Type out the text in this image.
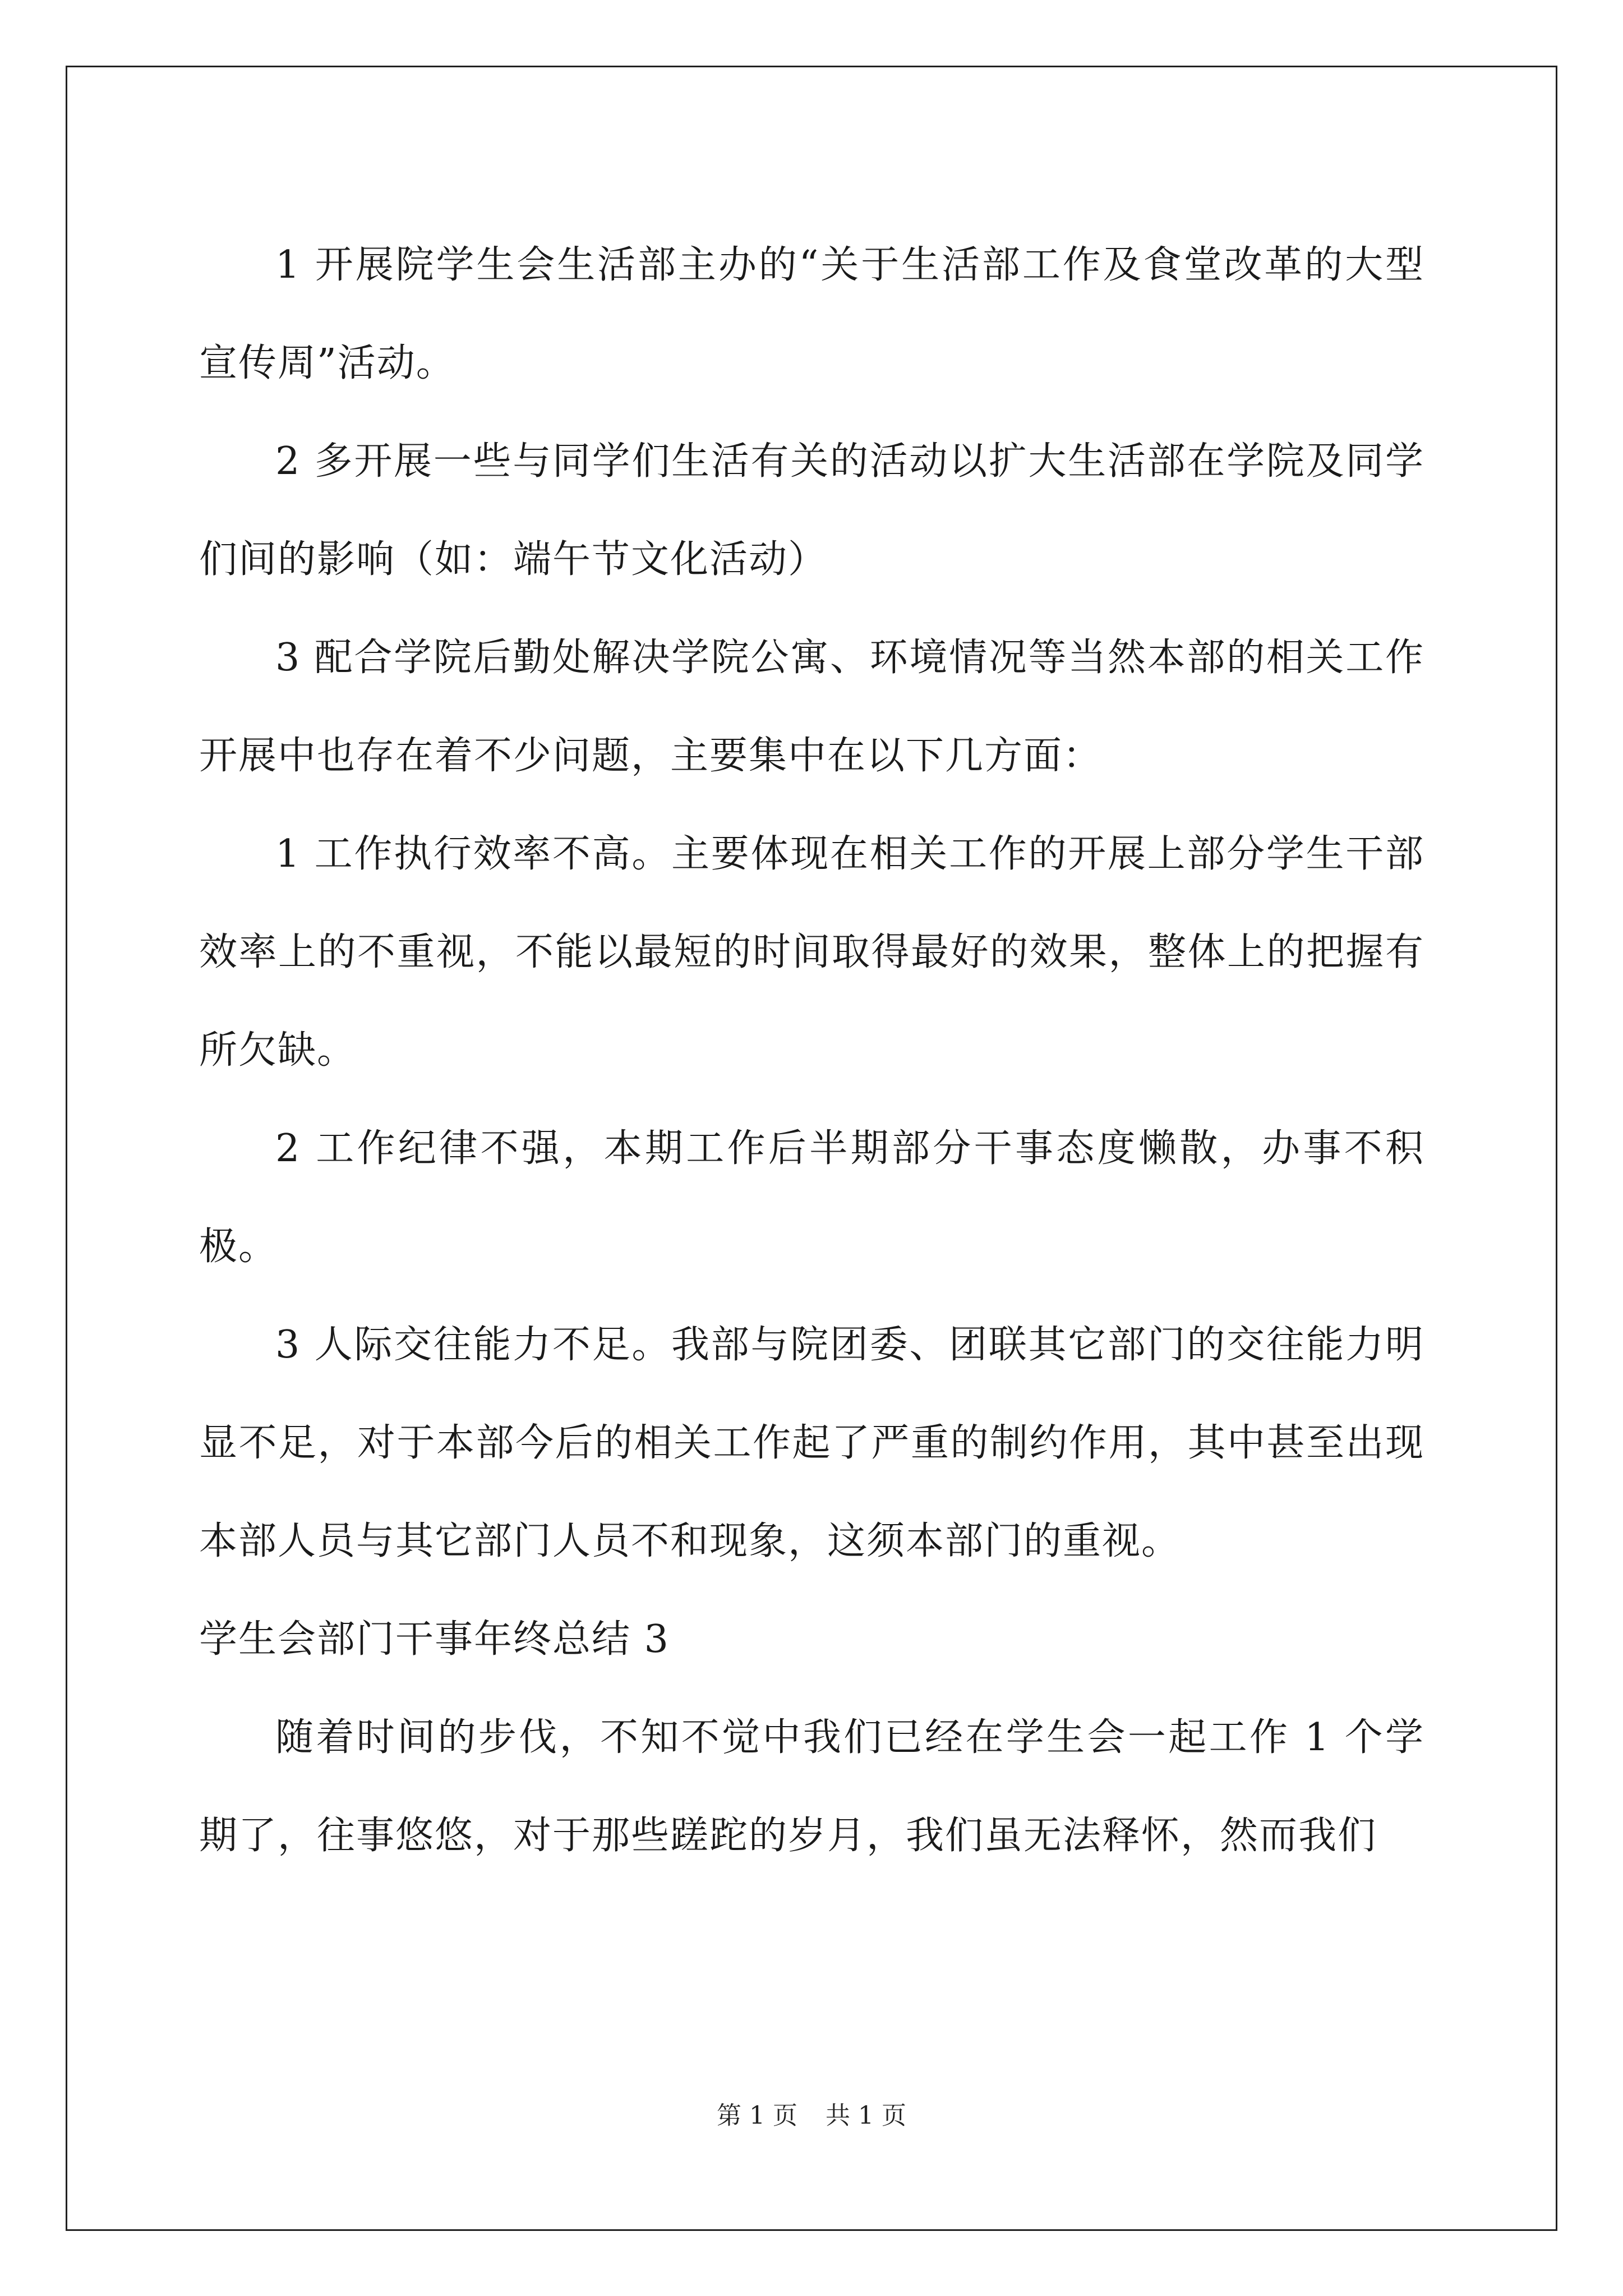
1 开展院学生会生活部主办的“关于生活部工作及食堂改革的大型宣传周”活动。

2 多开展一些与同学们生活有关的活动以扩大生活部在学院及同学们间的影响（如：端午节文化活动）

3 配合学院后勤处解决学院公寓、环境情况等当然本部的相关工作开展中也存在着不少问题，主要集中在以下几方面：

1 工作执行效率不高。主要体现在相关工作的开展上部分学生干部效率上的不重视，不能以最短的时间取得最好的效果，整体上的把握有所欠缺。

2 工作纪律不强，本期工作后半期部分干事态度懒散，办事不积极。

3 人际交往能力不足。我部与院团委、团联其它部门的交往能力明显不足，对于本部今后的相关工作起了严重的制约作用，其中甚至出现本部人员与其它部门人员不和现象，这须本部门的重视。

学生会部门干事年终总结 3

随着时间的步伐，不知不觉中我们已经在学生会一起工作 1 个学期了，往事悠悠，对于那些蹉跎的岁月，我们虽无法释怀，然而我们

第 1 页 共 1 页
